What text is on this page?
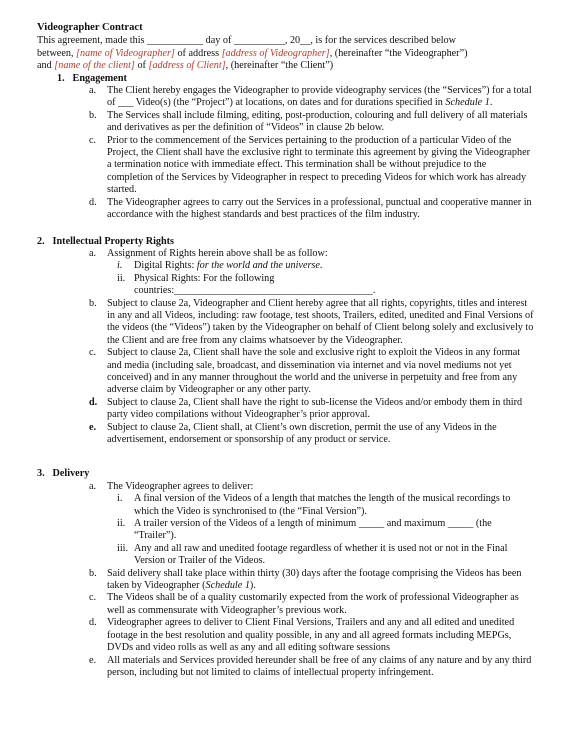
Videographer Contract

This agreement, made this ___________ day of __________, 20__, is for the services described below

between, [name of Videographer] of address [address of Videographer], (hereinafter “the Videographer”)

and [name of the client] of [address of Client], (hereinafter “the Client”)

1. Engagement
a. The Client hereby engages the Videographer to provide videography services (the “Services”) for a total of ___ Video(s) (the “Project”) at locations, on dates and for durations specified in Schedule 1.
b. The Services shall include filming, editing, post-production, colouring and full delivery of all materials and derivatives as per the definition of “Videos” in clause 2b below.
c. Prior to the commencement of the Services pertaining to the production of a particular Video of the Project, the Client shall have the exclusive right to terminate this agreement by giving the Videographer a termination notice with immediate effect. This termination shall be without prejudice to the completion of the Services by Videographer in respect to preceding Videos for which work has already started.
d. The Videographer agrees to carry out the Services in a professional, punctual and cooperative manner in accordance with the highest standards and best practices of the film industry.
2. Intellectual Property Rights
a. Assignment of Rights herein above shall be as follow:
i. Digital Rights: for the world and the universe.
ii. Physical Rights: For the following
countries:_______________________________________.
b. Subject to clause 2a, Videographer and Client hereby agree that all rights, copyrights, titles and interest in any and all Videos, including: raw footage, test shoots, Trailers, edited, unedited and Final Versions of the videos (the “Videos”) taken by the Videographer on behalf of Client belong solely and exclusively to the Client and are free from any claims whatsoever by the Videographer.
c. Subject to clause 2a, Client shall have the sole and exclusive right to exploit the Videos in any format and media (including sale, broadcast, and dissemination via internet and via novel mediums not yet conceived) and in any manner throughout the world and the universe in perpetuity and free from any adverse claim by Videographer or any other party.
d. Subject to clause 2a, Client shall have the right to sub-license the Videos and/or embody them in third party video compilations without Videographer’s prior approval.
e. Subject to clause 2a, Client shall, at Client’s own discretion, permit the use of any Videos in the advertisement, endorsement or sponsorship of any product or service.
3. Delivery
a. The Videographer agrees to deliver:
i. A final version of the Videos of a length that matches the length of the musical recordings to which the Video is synchronised to (the “Final Version”).
ii. A trailer version of the Videos of a length of minimum _____ and maximum _____ (the “Trailer”).
iii. Any and all raw and unedited footage regardless of whether it is used not or not in the Final Version or Trailer of the Videos.
b. Said delivery shall take place within thirty (30) days after the footage comprising the Videos has been taken by Videographer (Schedule 1).
c. The Videos shall be of a quality customarily expected from the work of professional Videographer as well as commensurate with Videographer’s previous work.
d. Videographer agrees to deliver to Client Final Versions, Trailers and any and all edited and unedited footage in the best resolution and quality possible, in any and all agreed formats including MEPGs, DVDs and video rolls as well as any and all editing software sessions
e. All materials and Services provided hereunder shall be free of any claims of any nature and by any third person, including but not limited to claims of intellectual property infringement.
